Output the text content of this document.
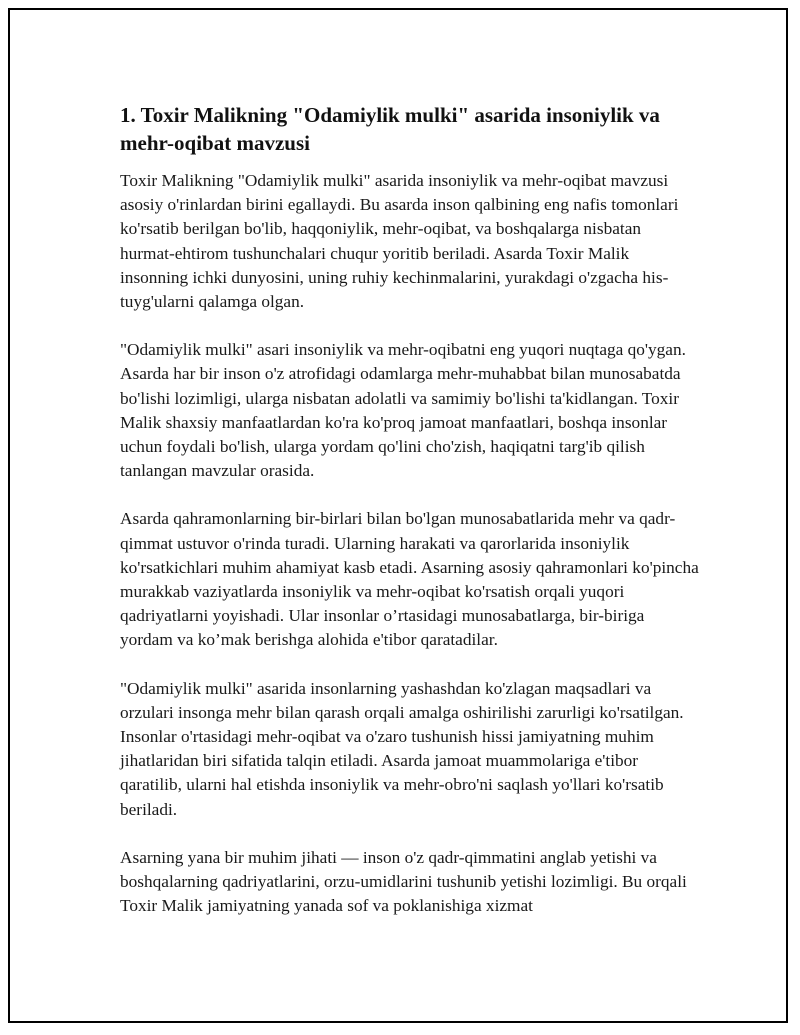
1. Toxir Malikning "Odamiylik mulki" asarida insoniylik va mehr-oqibat mavzusi

Toxir Malikning "Odamiylik mulki" asarida insoniylik va mehr-oqibat mavzusi asosiy o'rinlardan birini egallaydi. Bu asarda inson qalbining eng nafis tomonlari ko'rsatib berilgan bo'lib, haqqoniylik, mehr-oqibat, va boshqalarga nisbatan hurmat-ehtirom tushunchalari chuqur yoritib beriladi. Asarda Toxir Malik insonning ichki dunyosini, uning ruhiy kechinmalarini, yurakdagi o'zgacha his-tuyg'ularni qalamga olgan.

"Odamiylik mulki" asari insoniylik va mehr-oqibatni eng yuqori nuqtaga qo'ygan. Asarda har bir inson o'z atrofidagi odamlarga mehr-muhabbat bilan munosabatda bo'lishi lozimligi, ularga nisbatan adolatli va samimiy bo'lishi ta'kidlangan. Toxir Malik shaxsiy manfaatlardan ko'ra ko'proq jamoat manfaatlari, boshqa insonlar uchun foydali bo'lish, ularga yordam qo'lini cho'zish, haqiqatni targ'ib qilish tanlangan mavzular orasida.

Asarda qahramonlarning bir-birlari bilan bo'lgan munosabatlarida mehr va qadr-qimmat ustuvor o'rinda turadi. Ularning harakati va qarorlarida insoniylik ko'rsatkichlari muhim ahamiyat kasb etadi. Asarning asosiy qahramonlari ko'pincha murakkab vaziyatlarda insoniylik va mehr-oqibat ko'rsatish orqali yuqori qadriyatlarni yoyishadi. Ular insonlar o’rtasidagi munosabatlarga, bir-biriga yordam va ko’mak berishga alohida e'tibor qaratadilar.

"Odamiylik mulki" asarida insonlarning yashashdan ko'zlagan maqsadlari va orzulari insonga mehr bilan qarash orqali amalga oshirilishi zarurligi ko'rsatilgan. Insonlar o'rtasidagi mehr-oqibat va o'zaro tushunish hissi jamiyatning muhim jihatlaridan biri sifatida talqin etiladi. Asarda jamoat muammolariga e'tibor qaratilib, ularni hal etishda insoniylik va mehr-obro'ni saqlash yo'llari ko'rsatib beriladi.

Asarning yana bir muhim jihati — inson o'z qadr-qimmatini anglab yetishi va boshqalarning qadriyatlarini, orzu-umidlarini tushunib yetishi lozimligi. Bu orqali Toxir Malik jamiyatning yanada sof va poklanishiga xizmat
